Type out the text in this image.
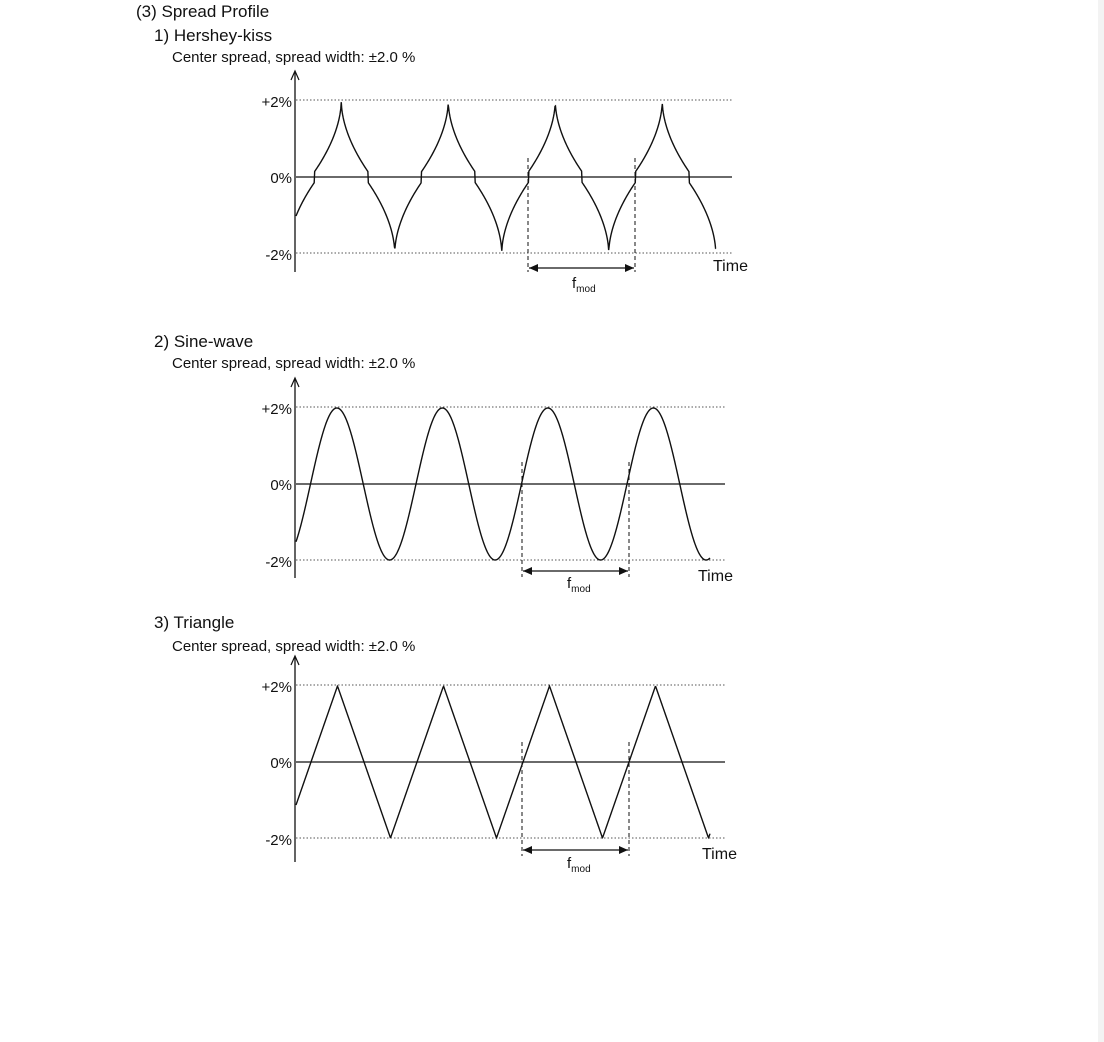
(3) Spread Profile
1) Hershey-kiss
Center spread, spread width: ±2.0 %
2) Sine-wave
Center spread, spread width: ±2.0 %
3) Triangle
Center spread, spread width: ±2.0 %
+2%
0%
-2%
$f_{mod}$
Time
+2%
0%
-2%
$f_{mod}$
Time
+2%
0%
-2%
$f_{mod}$
Time
